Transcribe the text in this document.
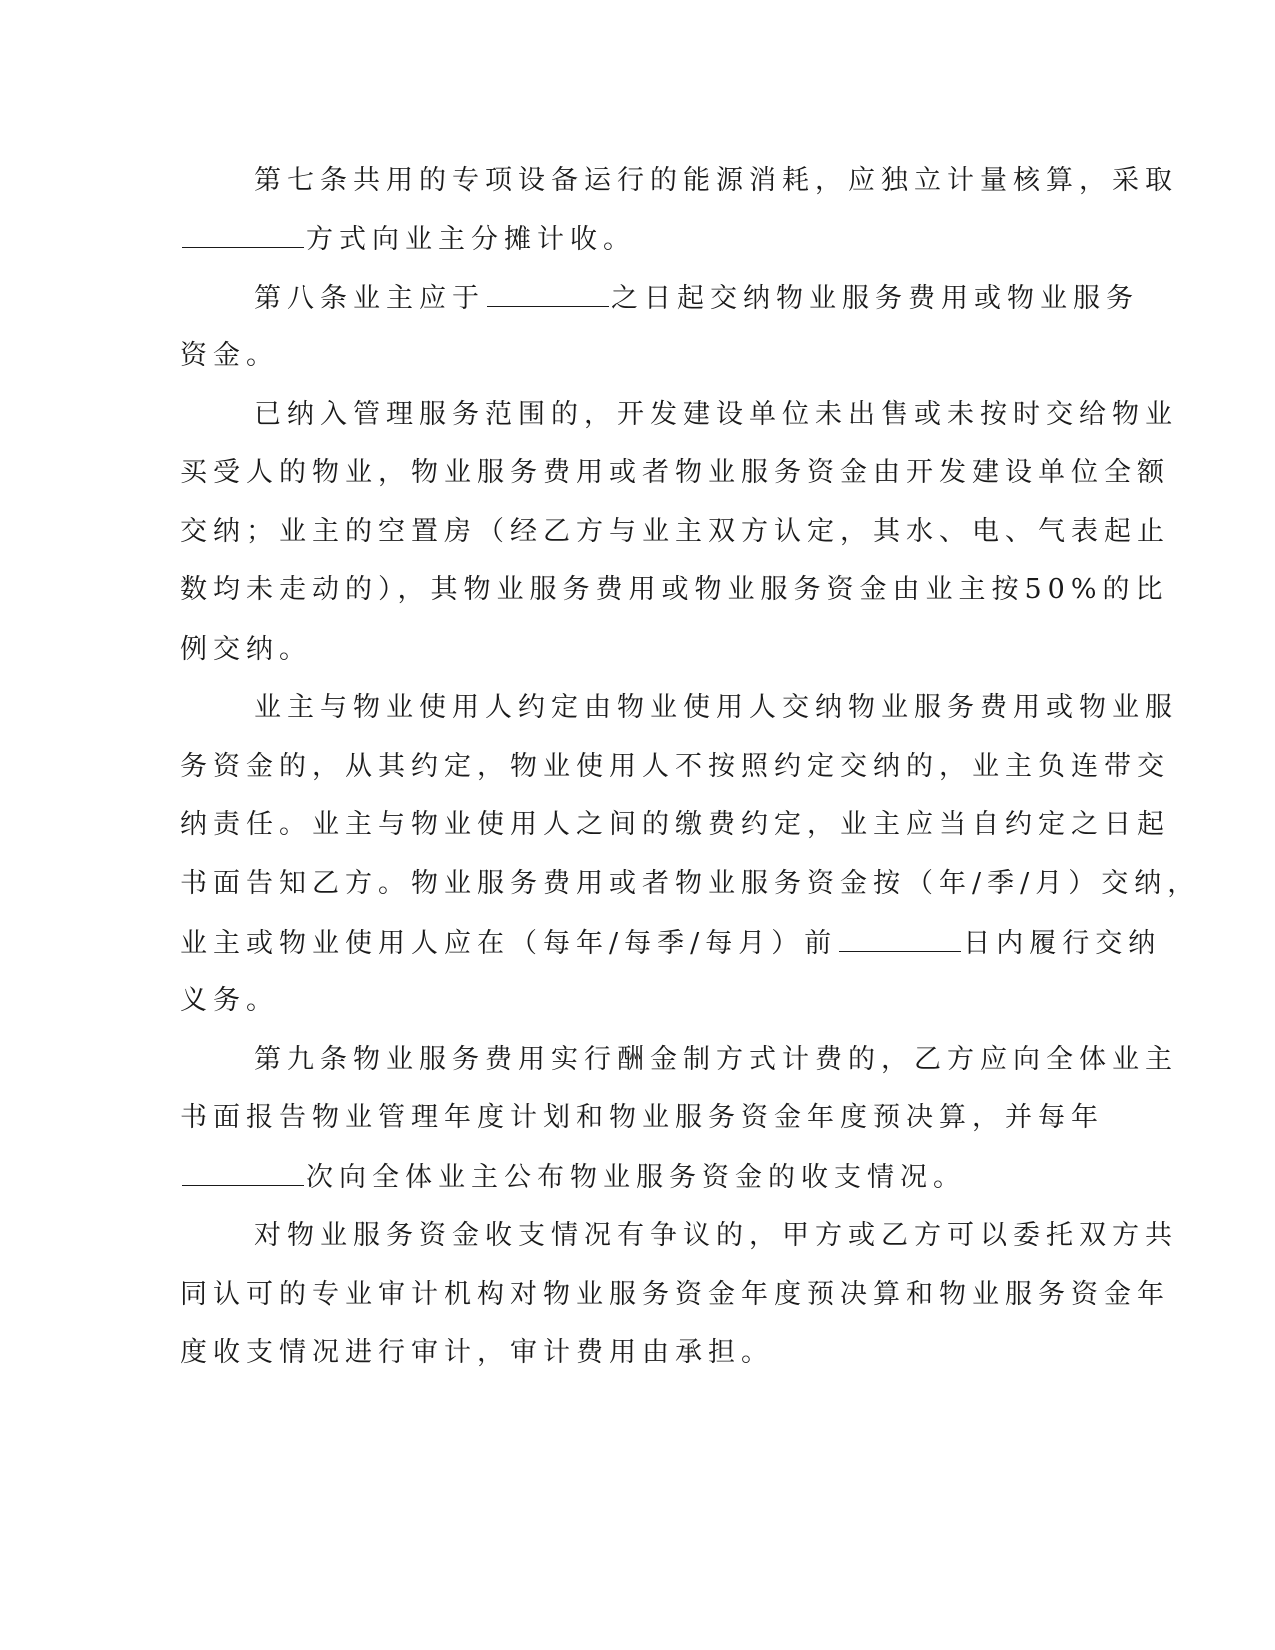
第七条共用的专项设备运行的能源消耗，应独立计量核算，采取
方式向业主分摊计收。
第八条业主应于	之日起交纳物业服务费用或物业服务
资金。
已纳入管理服务范围的，开发建设单位未出售或未按时交给物业
买受人的物业，物业服务费用或者物业服务资金由开发建设单位全额
交纳；业主的空置房（经乙方与业主双方认定，其水、电、气表起止
数均未走动的），其物业服务费用或物业服务资金由业主按50%的比
例交纳。
业主与物业使用人约定由物业使用人交纳物业服务费用或物业服
务资金的，从其约定，物业使用人不按照约定交纳的，业主负连带交
纳责任。业主与物业使用人之间的缴费约定，业主应当自约定之日起
书面告知乙方。物业服务费用或者物业服务资金按（年/季/月）交纳，
业主或物业使用人应在（每年/每季/每月）前	日内履行交纳
义务。
第九条物业服务费用实行酬金制方式计费的，乙方应向全体业主
书面报告物业管理年度计划和物业服务资金年度预决算，并每年
次向全体业主公布物业服务资金的收支情况。
对物业服务资金收支情况有争议的，甲方或乙方可以委托双方共
同认可的专业审计机构对物业服务资金年度预决算和物业服务资金年
度收支情况进行审计，审计费用由承担。
